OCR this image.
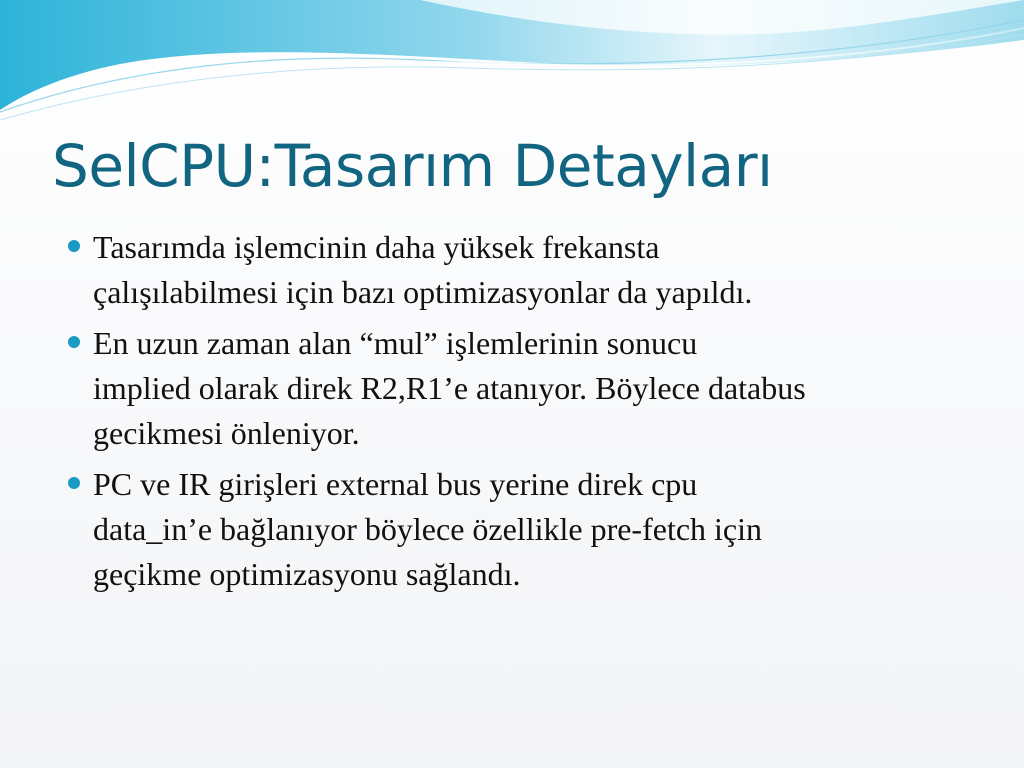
SelCPU:Tasarım Detayları
Tasarımda işlemcinin daha yüksek frekansta
çalışılabilmesi için bazı optimizasyonlar da yapıldı.
En uzun zaman alan “mul” işlemlerinin sonucu
implied olarak direk R2,R1’e atanıyor. Böylece databus
gecikmesi önleniyor.
PC ve IR girişleri external bus yerine direk cpu
data_in’e bağlanıyor böylece özellikle pre-fetch için
geçikme optimizasyonu sağlandı.
